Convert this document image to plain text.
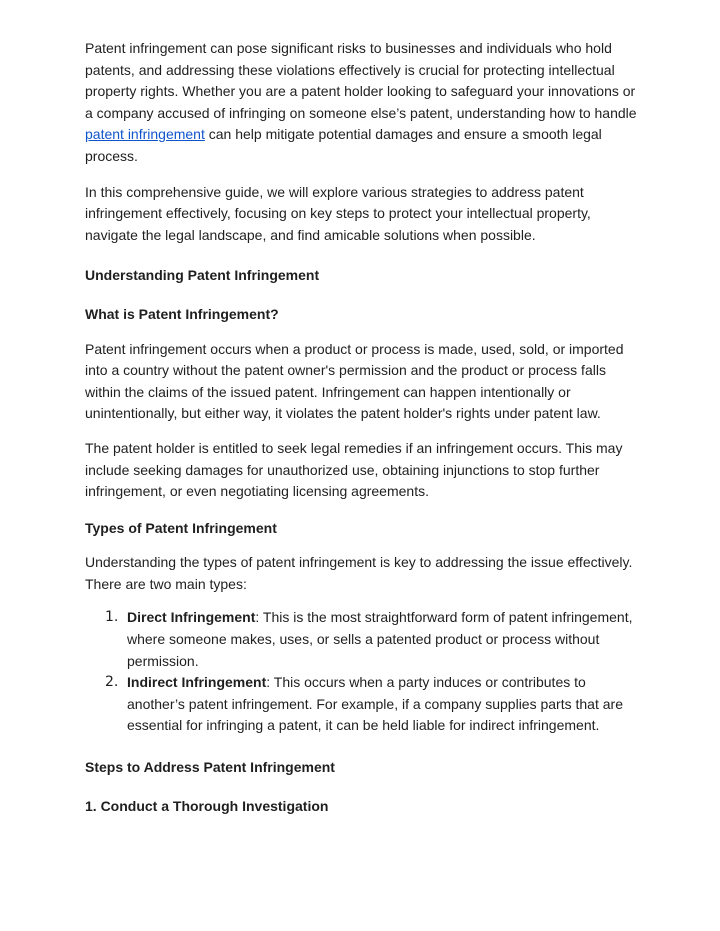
Patent infringement can pose significant risks to businesses and individuals who hold patents, and addressing these violations effectively is crucial for protecting intellectual property rights. Whether you are a patent holder looking to safeguard your innovations or a company accused of infringing on someone else’s patent, understanding how to handle patent infringement can help mitigate potential damages and ensure a smooth legal process.

In this comprehensive guide, we will explore various strategies to address patent infringement effectively, focusing on key steps to protect your intellectual property, navigate the legal landscape, and find amicable solutions when possible.

Understanding Patent Infringement

What is Patent Infringement?

Patent infringement occurs when a product or process is made, used, sold, or imported into a country without the patent owner's permission and the product or process falls within the claims of the issued patent. Infringement can happen intentionally or unintentionally, but either way, it violates the patent holder's rights under patent law.

The patent holder is entitled to seek legal remedies if an infringement occurs. This may include seeking damages for unauthorized use, obtaining injunctions to stop further infringement, or even negotiating licensing agreements.

Types of Patent Infringement

Understanding the types of patent infringement is key to addressing the issue effectively. There are two main types:

1. Direct Infringement: This is the most straightforward form of patent infringement, where someone makes, uses, or sells a patented product or process without permission.
2. Indirect Infringement: This occurs when a party induces or contributes to another’s patent infringement. For example, if a company supplies parts that are essential for infringing a patent, it can be held liable for indirect infringement.

Steps to Address Patent Infringement

1. Conduct a Thorough Investigation
